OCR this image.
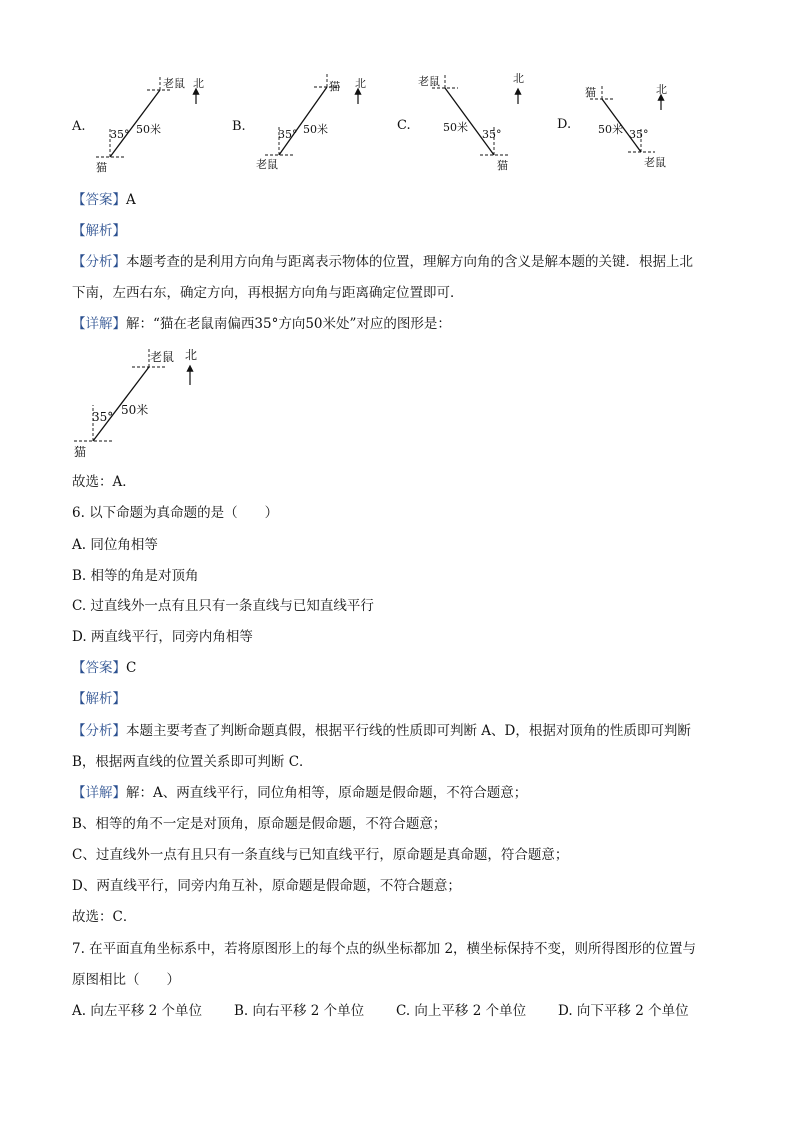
A.
老鼠
猫
35° 50米
北
B.
猫
老鼠
35° 50米
北
C.
老鼠
猫
35°
50米
北
D.
猫
老鼠
35°
50米
北
【答案】A
【解析】
【分析】本题考查的是利用方向角与距离表示物体的位置，理解方向角的含义是解本题的关键．根据上北
下南，左西右东，确定方向，再根据方向角与距离确定位置即可．
【详解】解：“猫在老鼠南偏西35°方向50米处”对应的图形是：
老鼠
猫
35° 50米
北
故选：A．
6. 以下命题为真命题的是（　　）
A. 同位角相等
B. 相等的角是对顶角
C. 过直线外一点有且只有一条直线与已知直线平行
D. 两直线平行，同旁内角相等
【答案】C
【解析】
【分析】本题主要考查了判断命题真假，根据平行线的性质即可判断 A、D，根据对顶角的性质即可判断
B，根据两直线的位置关系即可判断 C．
【详解】解：A、两直线平行，同位角相等，原命题是假命题，不符合题意；
B、相等的角不一定是对顶角，原命题是假命题，不符合题意；
C、过直线外一点有且只有一条直线与已知直线平行，原命题是真命题，符合题意；
D、两直线平行，同旁内角互补，原命题是假命题，不符合题意；
故选：C．
7. 在平面直角坐标系中，若将原图形上的每个点的纵坐标都加 2，横坐标保持不变，则所得图形的位置与
原图相比（　　）
A. 向左平移 2 个单位 B. 向右平移 2 个单位 C. 向上平移 2 个单位 D. 向下平移 2 个单位
